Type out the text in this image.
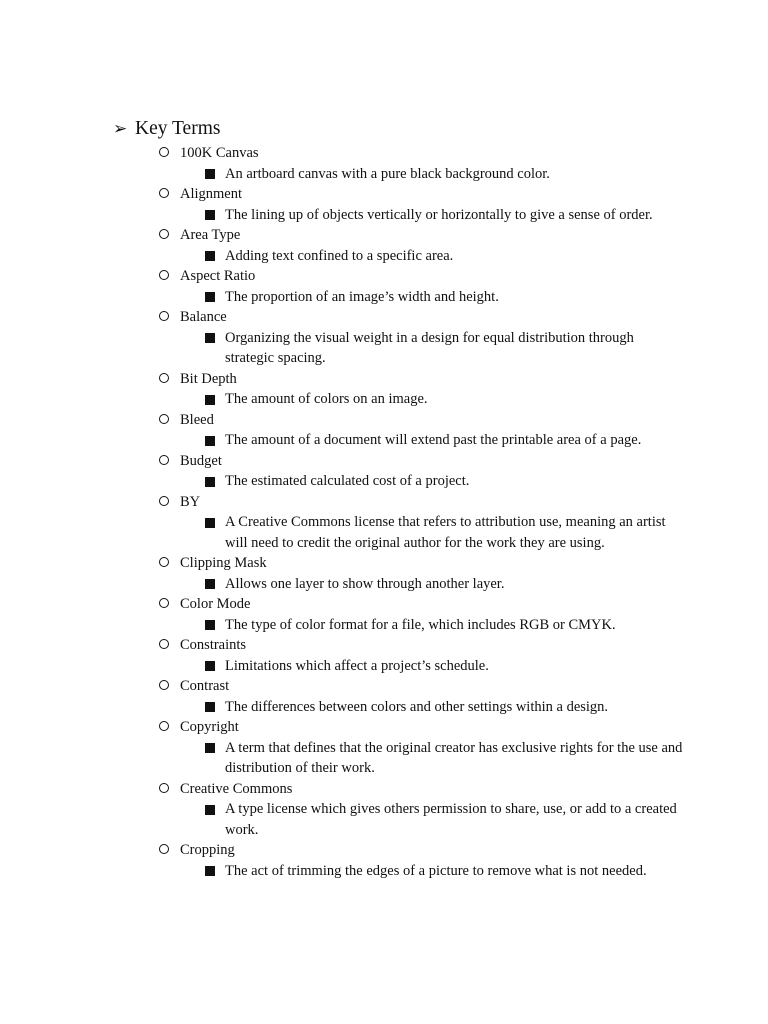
➢ Key Terms
100K Canvas
An artboard canvas with a pure black background color.
Alignment
The lining up of objects vertically or horizontally to give a sense of order.
Area Type
Adding text confined to a specific area.
Aspect Ratio
The proportion of an image’s width and height.
Balance
Organizing the visual weight in a design for equal distribution through strategic spacing.
Bit Depth
The amount of colors on an image.
Bleed
The amount of a document will extend past the printable area of a page.
Budget
The estimated calculated cost of a project.
BY
A Creative Commons license that refers to attribution use, meaning an artist will need to credit the original author for the work they are using.
Clipping Mask
Allows one layer to show through another layer.
Color Mode
The type of color format for a file, which includes RGB or CMYK.
Constraints
Limitations which affect a project’s schedule.
Contrast
The differences between colors and other settings within a design.
Copyright
A term that defines that the original creator has exclusive rights for the use and distribution of their work.
Creative Commons
A type license which gives others permission to share, use, or add to a created work.
Cropping
The act of trimming the edges of a picture to remove what is not needed.
